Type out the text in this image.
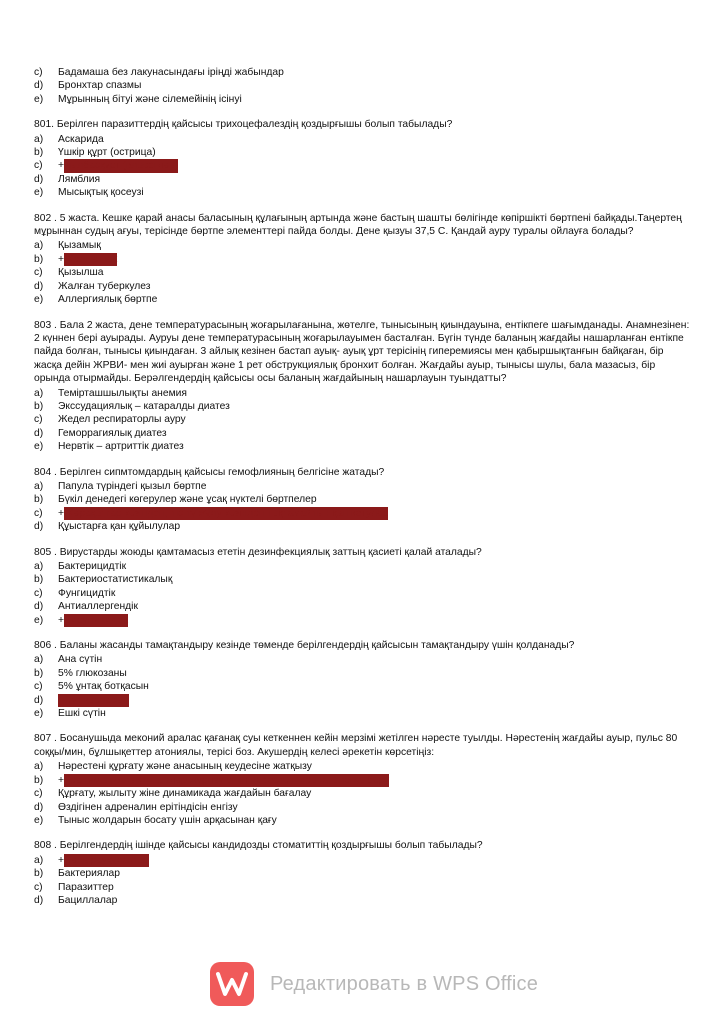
c)	Бадамаша без лакунасындағы іріңді жабындар
d)	Бронхтар спазмы
e)	Мұрынның бітуі және сілемейінің ісінуі
801. Берілген паразиттердің қайсысы трихоцефалездің қоздырғышы болып табылады?
a)	Аскарида
b)	Үшкір құрт (острица)
c)	+ Қылбасқұрт (власоглав)
d)	Лямблия
e)	Мысықтық қосеузі
802 . 5 жаста. Кешке қарай анасы баласының құлағының артында және бастың шашты бөлігінде көпіршікті бөртпені байқады.Таңертең мұрыннан судың ағуы, терісінде бөртпе элементтері пайда болды. Дене қызуы 37,5 С. Қандай ауру туралы ойлауға болады?
a)	Қызамық
b)	+ Желшешек
c)	Қызылша
d)	Жалған туберкулез
e)	Аллергиялық бөртпе
803 . Бала 2 жаста, дене температурасының жоғарылағанына, жөтелге, тынысының қиындауына, ентікпеге шағымданады. Анамнезінен: 2 күннен бері ауырады. Ауруы дене температурасының жоғарылауымен басталған. Бүгін түнде баланың жағдайы нашарланған ентікпе пайда болған, тынысы қиындаған. 3 айлық кезінен бастап ауық- ауық ұрт терісінің гиперемиясы мен қабыршықтанғын байқаған, бір жасқа дейін ЖРВИ- мен жиі ауырған және 1 рет обструкциялық бронхит болған. Жағдайы ауыр, тынысы шулы, бала мазасыз, бір орында отырмайды. Берәлгендердің қайсысы осы баланың жағдайының нашарлауын туындатты?
a)	Темірташшылықты анемия
b)	Экссудациялық – катаралды диатез
c)	Жедел респираторлы ауру
d)	Геморрагиялық диатез
e)	Нервтік – артриттік диатез
804 . Берілген сипмтомдардың қайсысы гемофлияның белгісіне жатады?
a)	Папула түріндегі қызыл бөртпе
b)	Бүкіл денедегі көгерулер және ұсақ нүктелі бөртпелер
c)	+ Жарақаттар кезіндегі, тіс тү жұлу кезіндегі тоқтамайтын қан кетулер
d)	Құыстарға қан құйылулар
805 . Вирустарды жоюды қамтамасыз ететін дезинфекциялық заттың қасиеті қалай аталады?
a)	Бактерицидтік
b)	Бактериостатистикалық
c)	Фунгицидтік
d)	Антиаллергендік
e)	+ Вирулицидтік
806 . Баланы жасанды тамақтандыру кезінде төменде берілгендердің қайсысын тамақтандыру үшін қолданады?
a)	Ана сүтін
b)	5% глюкозаны
c)	5% ұнтақ ботқасын
d)	+Сүт қоспасын
e)	Ешкі сүтін
807 . Босанушыда меконий аралас қағанақ суы кеткеннен кейін мерзімі жетілген нәресте туылды. Нәрестенің жағдайы ауыр, пульс 80 соққы/мин, бұлшықеттер атониялы, терісі боз. Акушердің келесі әрекетін көрсетіңіз:
a)	Нәрестені құрғату және анасының кеудесіне жатқызу
b)	+ Реанимациялық шаралар жүргізу үшін нәрестені неонатологқа беру
c)	Құрғату, жылыту жіне динамикада жағдайын бағалау
d)	Өздігінен адреналин ерітіндісін енгізу
e)	Тыныс жолдарын босату үшін арқасынан қағу
808 . Берілгендердің ішінде қайсысы кандидозды стоматиттің қоздырғышы болып табылады?
a)	+ Саңырауқұлақтар
b)	Бактериялар
c)	Паразиттер
d)	Бациллалар
Редактировать в WPS Office
